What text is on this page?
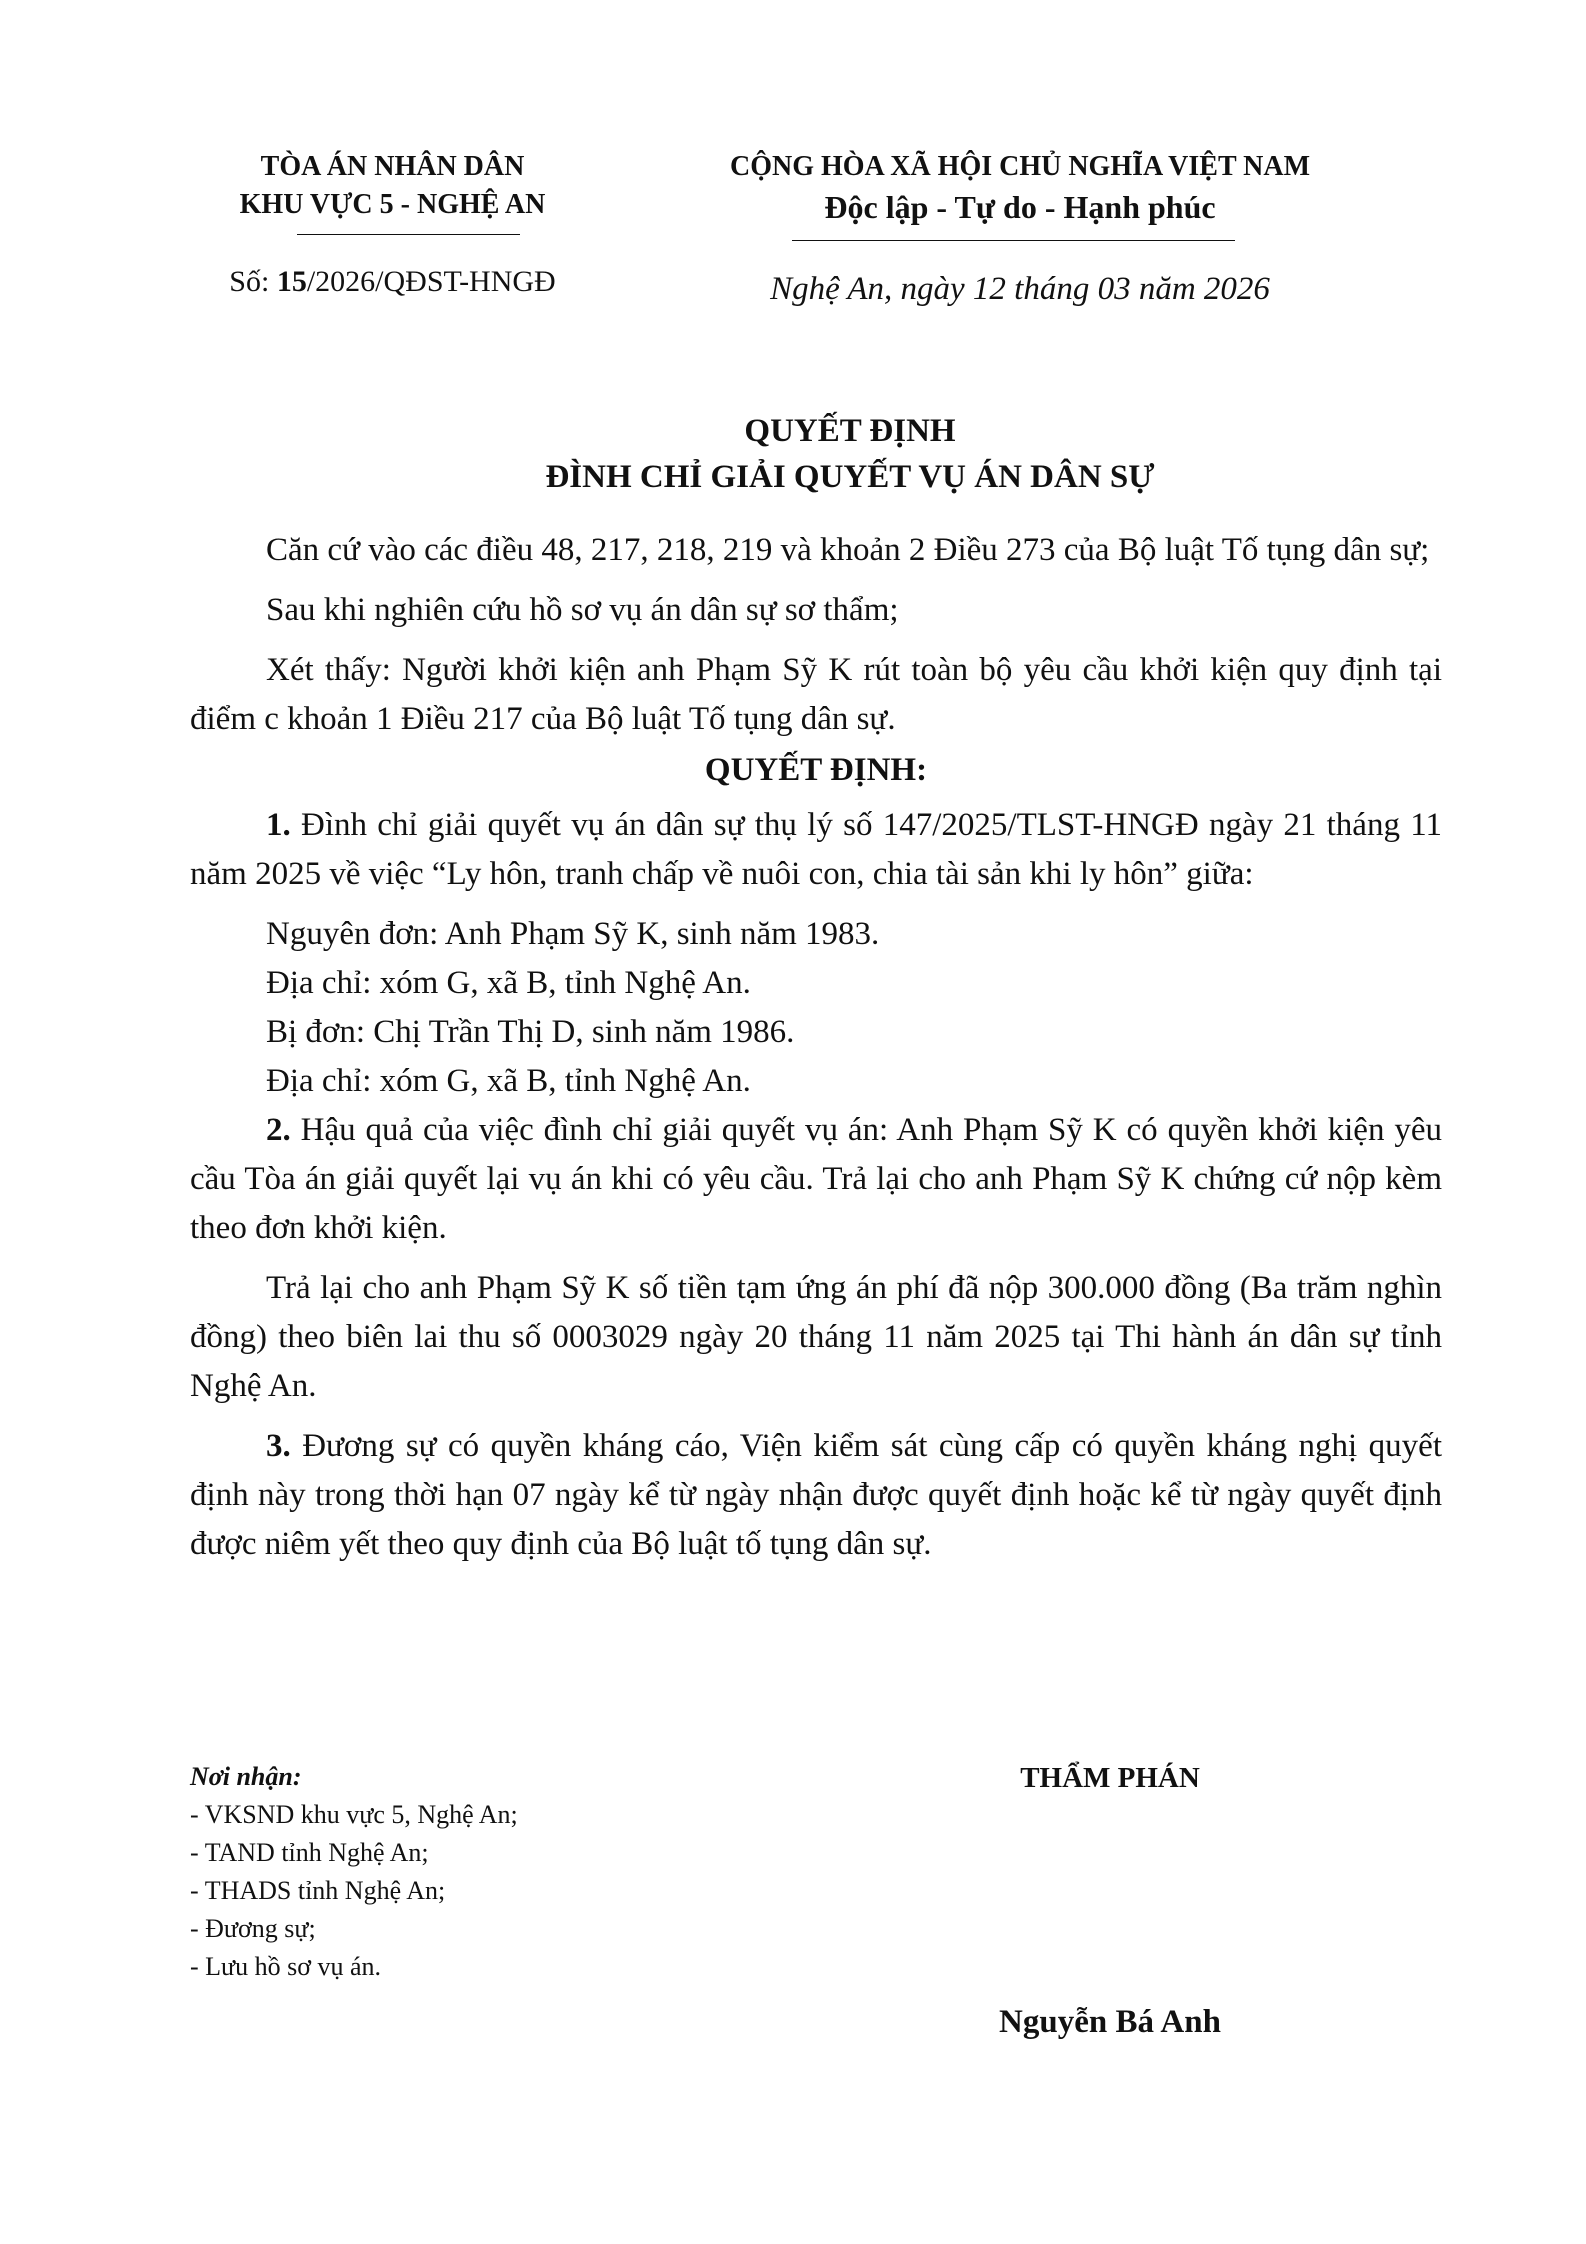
TÒA ÁN NHÂN DÂN
KHU VỰC 5 - NGHỆ AN
CỘNG HÒA XÃ HỘI CHỦ NGHĨA VIỆT NAM
Độc lập - Tự do - Hạnh phúc
Số: 15/2026/QĐST-HNGĐ	Nghệ An, ngày 12 tháng 03 năm 2026
QUYẾT ĐỊNH
ĐÌNH CHỈ GIẢI QUYẾT VỤ ÁN DÂN SỰ

Căn cứ vào các điều 48, 217, 218, 219 và khoản 2 Điều 273 của Bộ luật Tố tụng dân sự;

Sau khi nghiên cứu hồ sơ vụ án dân sự sơ thẩm;

Xét thấy: Người khởi kiện anh Phạm Sỹ K rút toàn bộ yêu cầu khởi kiện quy định tại điểm c khoản 1 Điều 217 của Bộ luật Tố tụng dân sự.

QUYẾT ĐỊNH:

1. Đình chỉ giải quyết vụ án dân sự thụ lý số 147/2025/TLST-HNGĐ ngày 21 tháng 11 năm 2025 về việc “Ly hôn, tranh chấp về nuôi con, chia tài sản khi ly hôn” giữa:

Nguyên đơn: Anh Phạm Sỹ K, sinh năm 1983.

Địa chỉ: xóm G, xã B, tỉnh Nghệ An.

Bị đơn: Chị Trần Thị D, sinh năm 1986.

Địa chỉ: xóm G, xã B, tỉnh Nghệ An.

2. Hậu quả của việc đình chỉ giải quyết vụ án: Anh Phạm Sỹ K có quyền khởi kiện yêu cầu Tòa án giải quyết lại vụ án khi có yêu cầu. Trả lại cho anh Phạm Sỹ K chứng cứ nộp kèm theo đơn khởi kiện.

Trả lại cho anh Phạm Sỹ K số tiền tạm ứng án phí đã nộp 300.000 đồng (Ba trăm nghìn đồng) theo biên lai thu số 0003029 ngày 20 tháng 11 năm 2025 tại Thi hành án dân sự tỉnh Nghệ An.

3. Đương sự có quyền kháng cáo, Viện kiểm sát cùng cấp có quyền kháng nghị quyết định này trong thời hạn 07 ngày kể từ ngày nhận được quyết định hoặc kể từ ngày quyết định được niêm yết theo quy định của Bộ luật tố tụng dân sự.

Nơi nhận:
- VKSND khu vực 5, Nghệ An;
- TAND tỉnh Nghệ An;
- THADS tỉnh Nghệ An;
- Đương sự;
- Lưu hồ sơ vụ án.
THẨM PHÁN
Nguyễn Bá Anh
